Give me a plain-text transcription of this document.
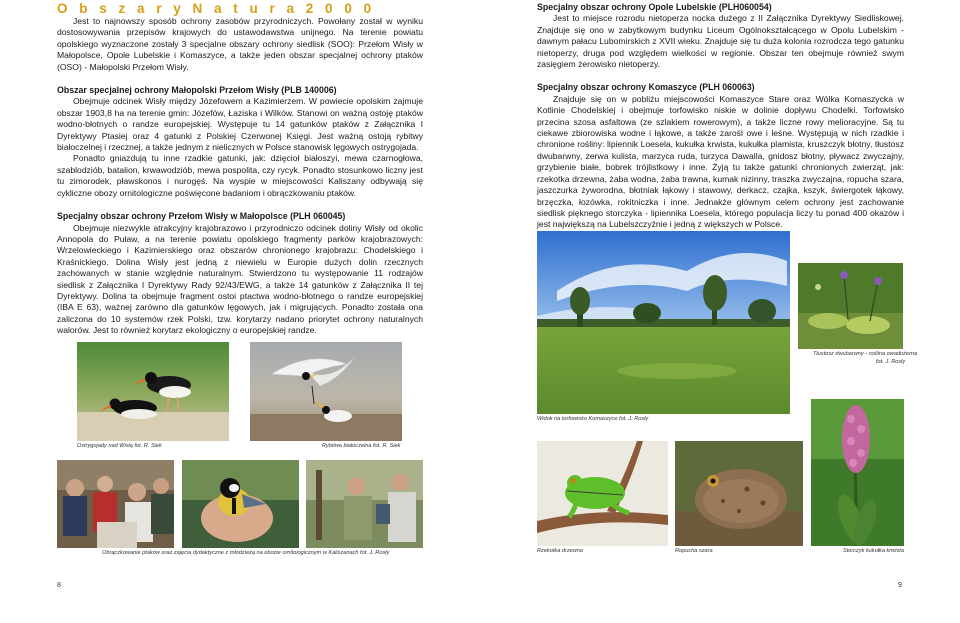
O b s z a r y N a t u r a 2 0 0 0

Jest to najnowszy sposób ochrony zasobów przyrodniczych. Powołany został w wyniku dostosowywania przepisów krajowych do ustawodawstwa unijnego. Na terenie powiatu opolskiego wyznaczone zostały 3 specjalne obszary ochrony siedlisk (SOO): Przełom Wisły w Małopolsce, Opole Lubelskie i Komaszyce, a także jeden obszar specjalnej ochrony ptaków (OSO) - Małopolski Przełom Wisły.

Obszar specjalnej ochrony Małopolski Przełom Wisły (PLB 140006)

Obejmuje odcinek Wisły między Józefowem a Kazimierzem. W powiecie opolskim zajmuje obszar 1903,8 ha na terenie gmin: Józefów, Łaziska i Wilków. Stanowi on ważną ostoję ptaków wodno-błotnych o randze europejskiej. Występuje tu 14 gatunków ptaków z Załącznika I Dyrektywy Ptasiej oraz 4 gatunki z Polskiej Czerwonej Księgi. Jest ważną ostoją rybitwy białoczelnej i rzecznej, a także jednym z nielicznych w Polsce stanowisk lęgowych ostrygojada.

Ponadto gniazdują tu inne rzadkie gatunki, jak: dzięcioł białoszyi, mewa czarnogłowa, szablodziób, batalion, krwawodziób, mewa pospolita, czy rycyk. Ponadto stosunkowo liczny jest tu zimorodek, pławskonos i nurogęś. Na wyspie w miejscowości Kaliszany odbywają się cykliczne obozy ornitologiczne poświęcone badaniom i obrączkowaniu ptaków.

Specjalny obszar ochrony Przełom Wisły w Małopolsce (PLH 060045)

Obejmuje niezwykle atrakcyjny krajobrazowo i przyrodniczo odcinek doliny Wisły od okolic Annopola do Puław, a na terenie powiatu opolskiego fragmenty parków krajobrazowych: Wrzelowieckiego i Kazimierskiego oraz obszarów chronionego krajobrazu: Chodelskiego i Kraśnickiego. Dolina Wisły jest jedną z niewielu w Europie dużych dolin rzecznych zachowanych w stanie względnie naturalnym. Stwierdzono tu występowanie 11 rodzajów siedlisk z Załącznika I Dyrektywy Rady 92/43/EWG, a także 14 gatunków z Załącznika II tej Dyrektywy. Dolina ta obejmuje fragment ostoi ptactwa wodno-błotnego o randze europejskiej (IBA E 63), ważnej zarówno dla gatunków lęgowych, jak i migrujących. Ponadto została ona zaliczona do 10 systemów rzek Polski, tzw. korytarzy nadano priorytet ochrony naturalnych walorów. Jest to również korytarz ekologiczny o europejskiej randze.

Ostrygojady nad Wisłą fot. R. Siek	Rybitwa białoczelna fot. R. Siek
Obrączkowanie ptaków oraz zajęcia dydaktyczne z młodzieżą na obozie ornitologicznym w Kaliszanach fot. J. Rosły
8
Specjalny obszar ochrony Opole Lubelskie (PLH060054)

Jest to miejsce rozrodu nietoperza nocka dużego z II Załącznika Dyrektywy Siedliskowej. Znajduje się ono w zabytkowym budynku Liceum Ogólnokształcącego w Opolu Lubelskim - dawnym pałacu Lubomirskich z XVII wieku. Znajduje się tu duża kolonia rozrodcza tego gatunku nietoperzy, druga pod względem wielkości w regionie. Obszar ten obejmuje również swym zasięgiem żerowisko nietoperzy.

Specjalny obszar ochrony Komaszyce (PLH 060063)

Znajduje się on w pobliżu miejscowości Komaszyce Stare oraz Wólka Komaszycka w Kotlinie Chodelskiej i obejmuje torfowisko niskie w dolinie dopływu Chodelki. Torfowisko przecina szosa asfaltowa (ze szlakiem rowerowym), a także liczne rowy melioracyjne. Są tu ciekawe zbiorowiska wodne i łąkowe, a także zarośl owe i leśne. Występują w nich rzadkie i chronione rośliny: lipiennik Loesela, kukułka krwista, kukułka plamista, kruszczyk błotny, tłustosz dwubarwny, zerwa kulista, marzyca ruda, turzyca Dawalla, gnidosz błotny, pływacz zwyczajny, grzybienie białe, bobrek trójlistkowy i inne. Żyją tu także gatunki chronionych zwierząt, jak: rzekotka drzewna, żaba wodna, żaba trawna, kumak nizinny, traszka zwyczajna, ropucha szara, jaszczurka żyworodna, błotniak łąkowy i stawowy, derkacz, czajka, kszyk, świergotek łąkowy, brzęczka, łozówka, rokitniczka i inne. Jednakże głównym celem ochrony jest zachowanie siedlisk pięknego storczyka - lipiennika Loesela, którego populacja liczy tu ponad 400 okazów i jest największą na Lubelszczyźnie i jedną z większych w Polsce.

Widok na torfowisko Komaszyce fot. J. Rosły
Tłustosz dwubarwny - roślina owadożerna
fot. J. Rosły
Rzekotka drzewna	Ropucha szara	Storczyk kukułka krwista
9
